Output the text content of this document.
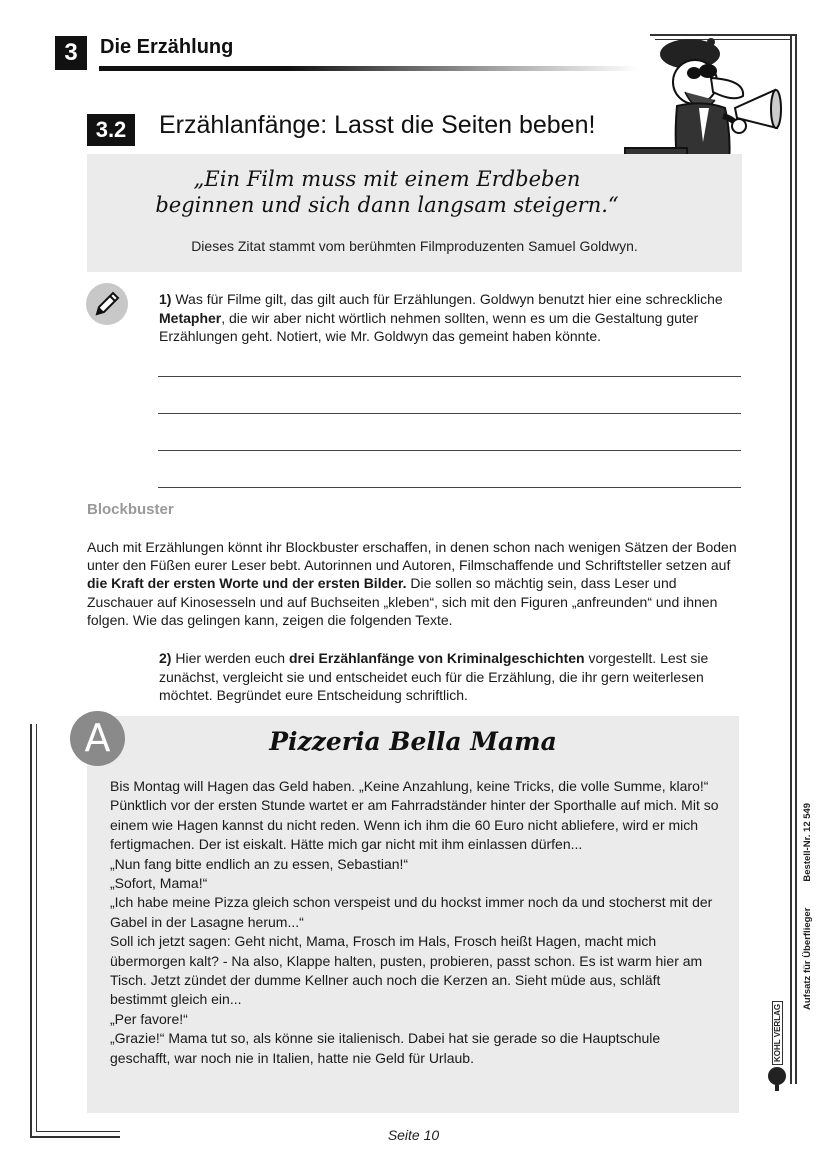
3	Die Erzählung
3.2	Erzählanfänge: Lasst die Seiten beben!
„Ein Film muss mit einem Erdbeben
beginnen und sich dann langsam steigern.“
Dieses Zitat stammt vom berühmten Filmproduzenten Samuel Goldwyn.
1) Was für Filme gilt, das gilt auch für Erzählungen. Goldwyn benutzt hier eine schreckliche Metapher, die wir aber nicht wörtlich nehmen sollten, wenn es um die Gestaltung guter Erzählungen geht. Notiert, wie Mr. Goldwyn das gemeint haben könnte.
Blockbuster
Auch mit Erzählungen könnt ihr Blockbuster erschaffen, in denen schon nach wenigen Sätzen der Boden unter den Füßen eurer Leser bebt. Autorinnen und Autoren, Filmschaffende und Schriftsteller setzen auf die Kraft der ersten Worte und der ersten Bilder. Die sollen so mächtig sein, dass Leser und Zuschauer auf Kinosesseln und auf Buchseiten „kleben“, sich mit den Figuren „anfreunden“ und ihnen folgen. Wie das gelingen kann, zeigen die folgenden Texte.
2) Hier werden euch drei Erzählanfänge von Kriminalgeschichten vorgestellt. Lest sie zunächst, vergleicht sie und entscheidet euch für die Erzählung, die ihr gern weiterlesen möchtet. Begründet eure Entscheidung schriftlich.
A	Pizzeria Bella Mama

Bis Montag will Hagen das Geld haben. „Keine Anzahlung, keine Tricks, die volle Summe, klaro!“ Pünktlich vor der ersten Stunde wartet er am Fahrradständer hinter der Sporthalle auf mich. Mit so einem wie Hagen kannst du nicht reden. Wenn ich ihm die 60 Euro nicht abliefere, wird er mich fertigmachen. Der ist eiskalt. Hätte mich gar nicht mit ihm einlassen dürfen...

„Nun fang bitte endlich an zu essen, Sebastian!“

„Sofort, Mama!“

„Ich habe meine Pizza gleich schon verspeist und du hockst immer noch da und stocherst mit der Gabel in der Lasagne herum...“

Soll ich jetzt sagen: Geht nicht, Mama, Frosch im Hals, Frosch heißt Hagen, macht mich übermorgen kalt? - Na also, Klappe halten, pusten, probieren, passt schon. Es ist warm hier am Tisch. Jetzt zündet der dumme Kellner auch noch die Kerzen an. Sieht müde aus, schläft bestimmt gleich ein...

„Per favore!“

„Grazie!“ Mama tut so, als könne sie italienisch. Dabei hat sie gerade so die Hauptschule geschafft, war noch nie in Italien, hatte nie Geld für Urlaub.

Aufsatz für ÜberfliegerBestell-Nr. 12 549
KOHL VERLAG
Seite 10
